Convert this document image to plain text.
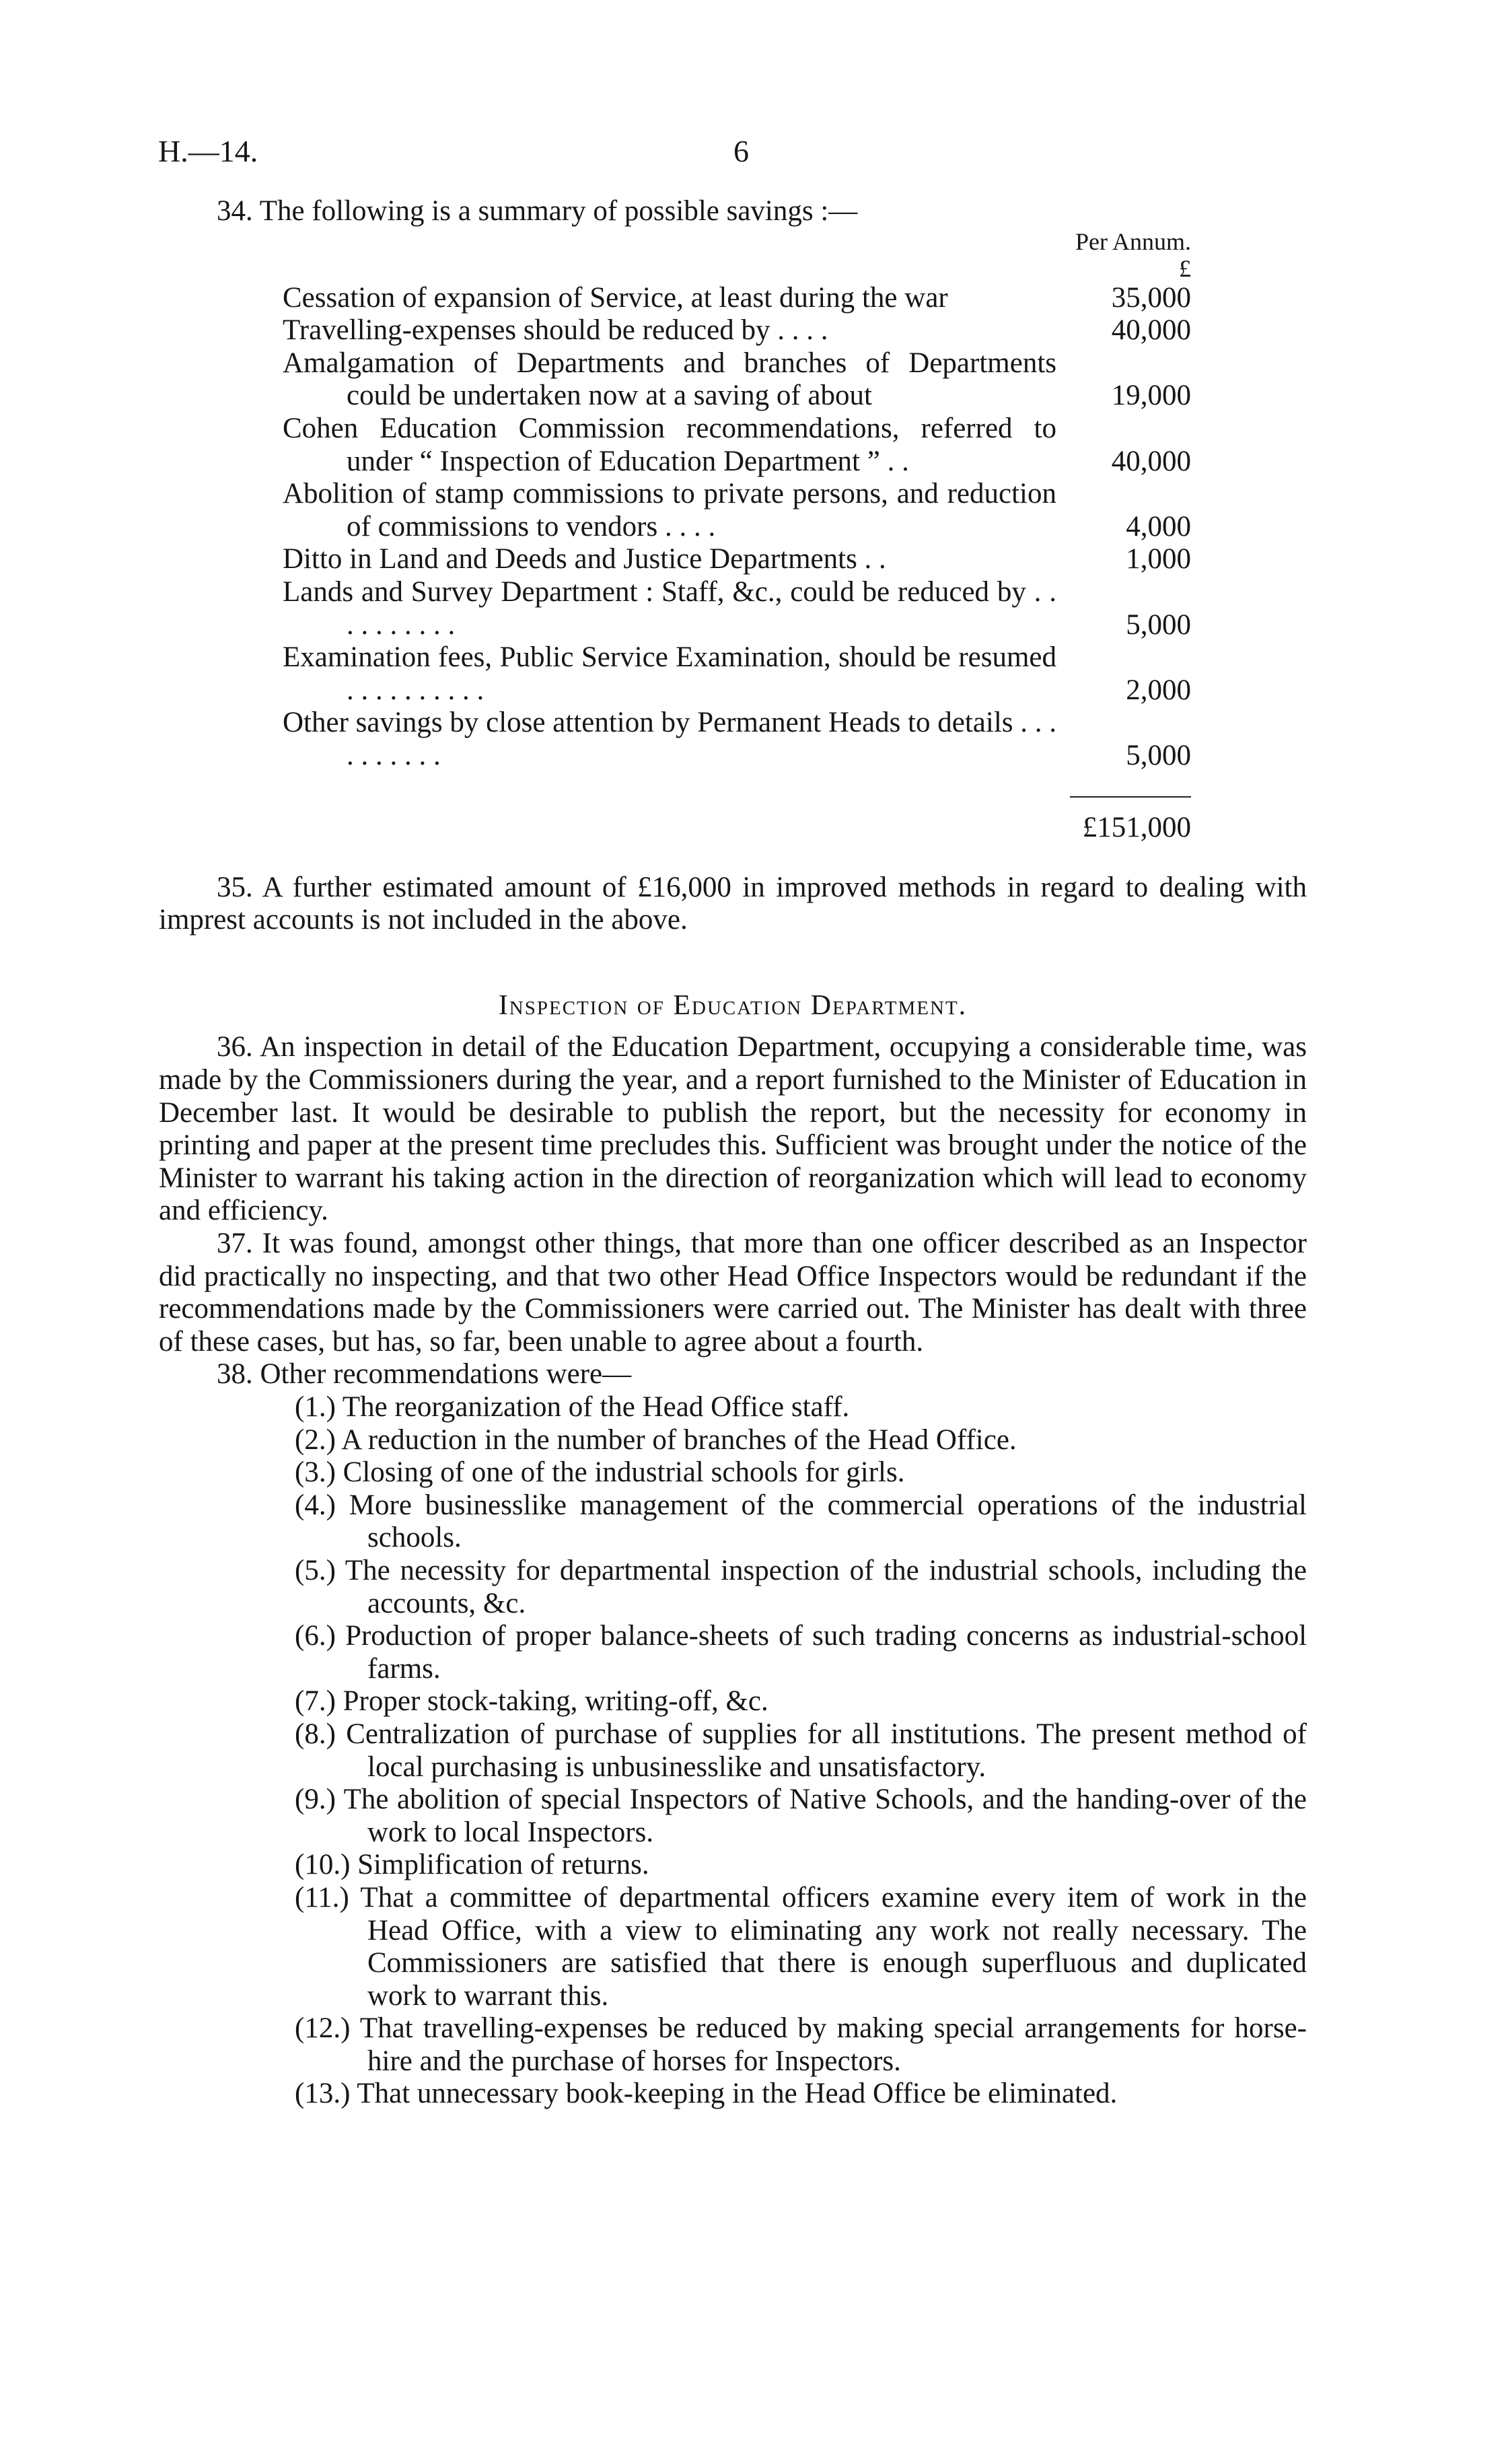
H.—14.	6

34. The following is a summary of possible savings :—

	Per Annum.
	£
Cessation of expansion of Service, at least during the war	35,000
Travelling-expenses should be reduced by . . . .	40,000
Amalgamation of Departments and branches of Departments could be undertaken now at a saving of about	19,000
Cohen Education Commission recommendations, referred to under “ Inspection of Education Department ” . .	40,000
Abolition of stamp commissions to private persons, and reduction of commissions to vendors . . . .	4,000
Ditto in Land and Deeds and Justice Departments . .	1,000
Lands and Survey Department : Staff, &c., could be reduced by . . . . . . . . . .	5,000
Examination fees, Public Service Examination, should be resumed . . . . . . . . . .	2,000
Other savings by close attention by Permanent Heads to details . . . . . . . . . .	5,000

	£151,000

35. A further estimated amount of £16,000 in improved methods in regard to dealing with imprest accounts is not included in the above.

Inspection of Education Department.

36. An inspection in detail of the Education Department, occupying a considerable time, was made by the Commissioners during the year, and a report furnished to the Minister of Education in December last. It would be desirable to publish the report, but the necessity for economy in printing and paper at the present time precludes this. Sufficient was brought under the notice of the Minister to warrant his taking action in the direction of reorganization which will lead to economy and efficiency.

37. It was found, amongst other things, that more than one officer described as an Inspector did practically no inspecting, and that two other Head Office Inspectors would be redundant if the recommendations made by the Commissioners were carried out. The Minister has dealt with three of these cases, but has, so far, been unable to agree about a fourth.

38. Other recommendations were—

(1.) The reorganization of the Head Office staff.
(2.) A reduction in the number of branches of the Head Office.
(3.) Closing of one of the industrial schools for girls.
(4.) More businesslike management of the commercial operations of the industrial schools.
(5.) The necessity for departmental inspection of the industrial schools, including the accounts, &c.
(6.) Production of proper balance-sheets of such trading concerns as industrial-school farms.
(7.) Proper stock-taking, writing-off, &c.
(8.) Centralization of purchase of supplies for all institutions. The present method of local purchasing is unbusinesslike and unsatisfactory.
(9.) The abolition of special Inspectors of Native Schools, and the handing-over of the work to local Inspectors.
(10.) Simplification of returns.
(11.) That a committee of departmental officers examine every item of work in the Head Office, with a view to eliminating any work not really necessary. The Commissioners are satisfied that there is enough superfluous and duplicated work to warrant this.
(12.) That travelling-expenses be reduced by making special arrangements for horse-hire and the purchase of horses for Inspectors.
(13.) That unnecessary book-keeping in the Head Office be eliminated.
